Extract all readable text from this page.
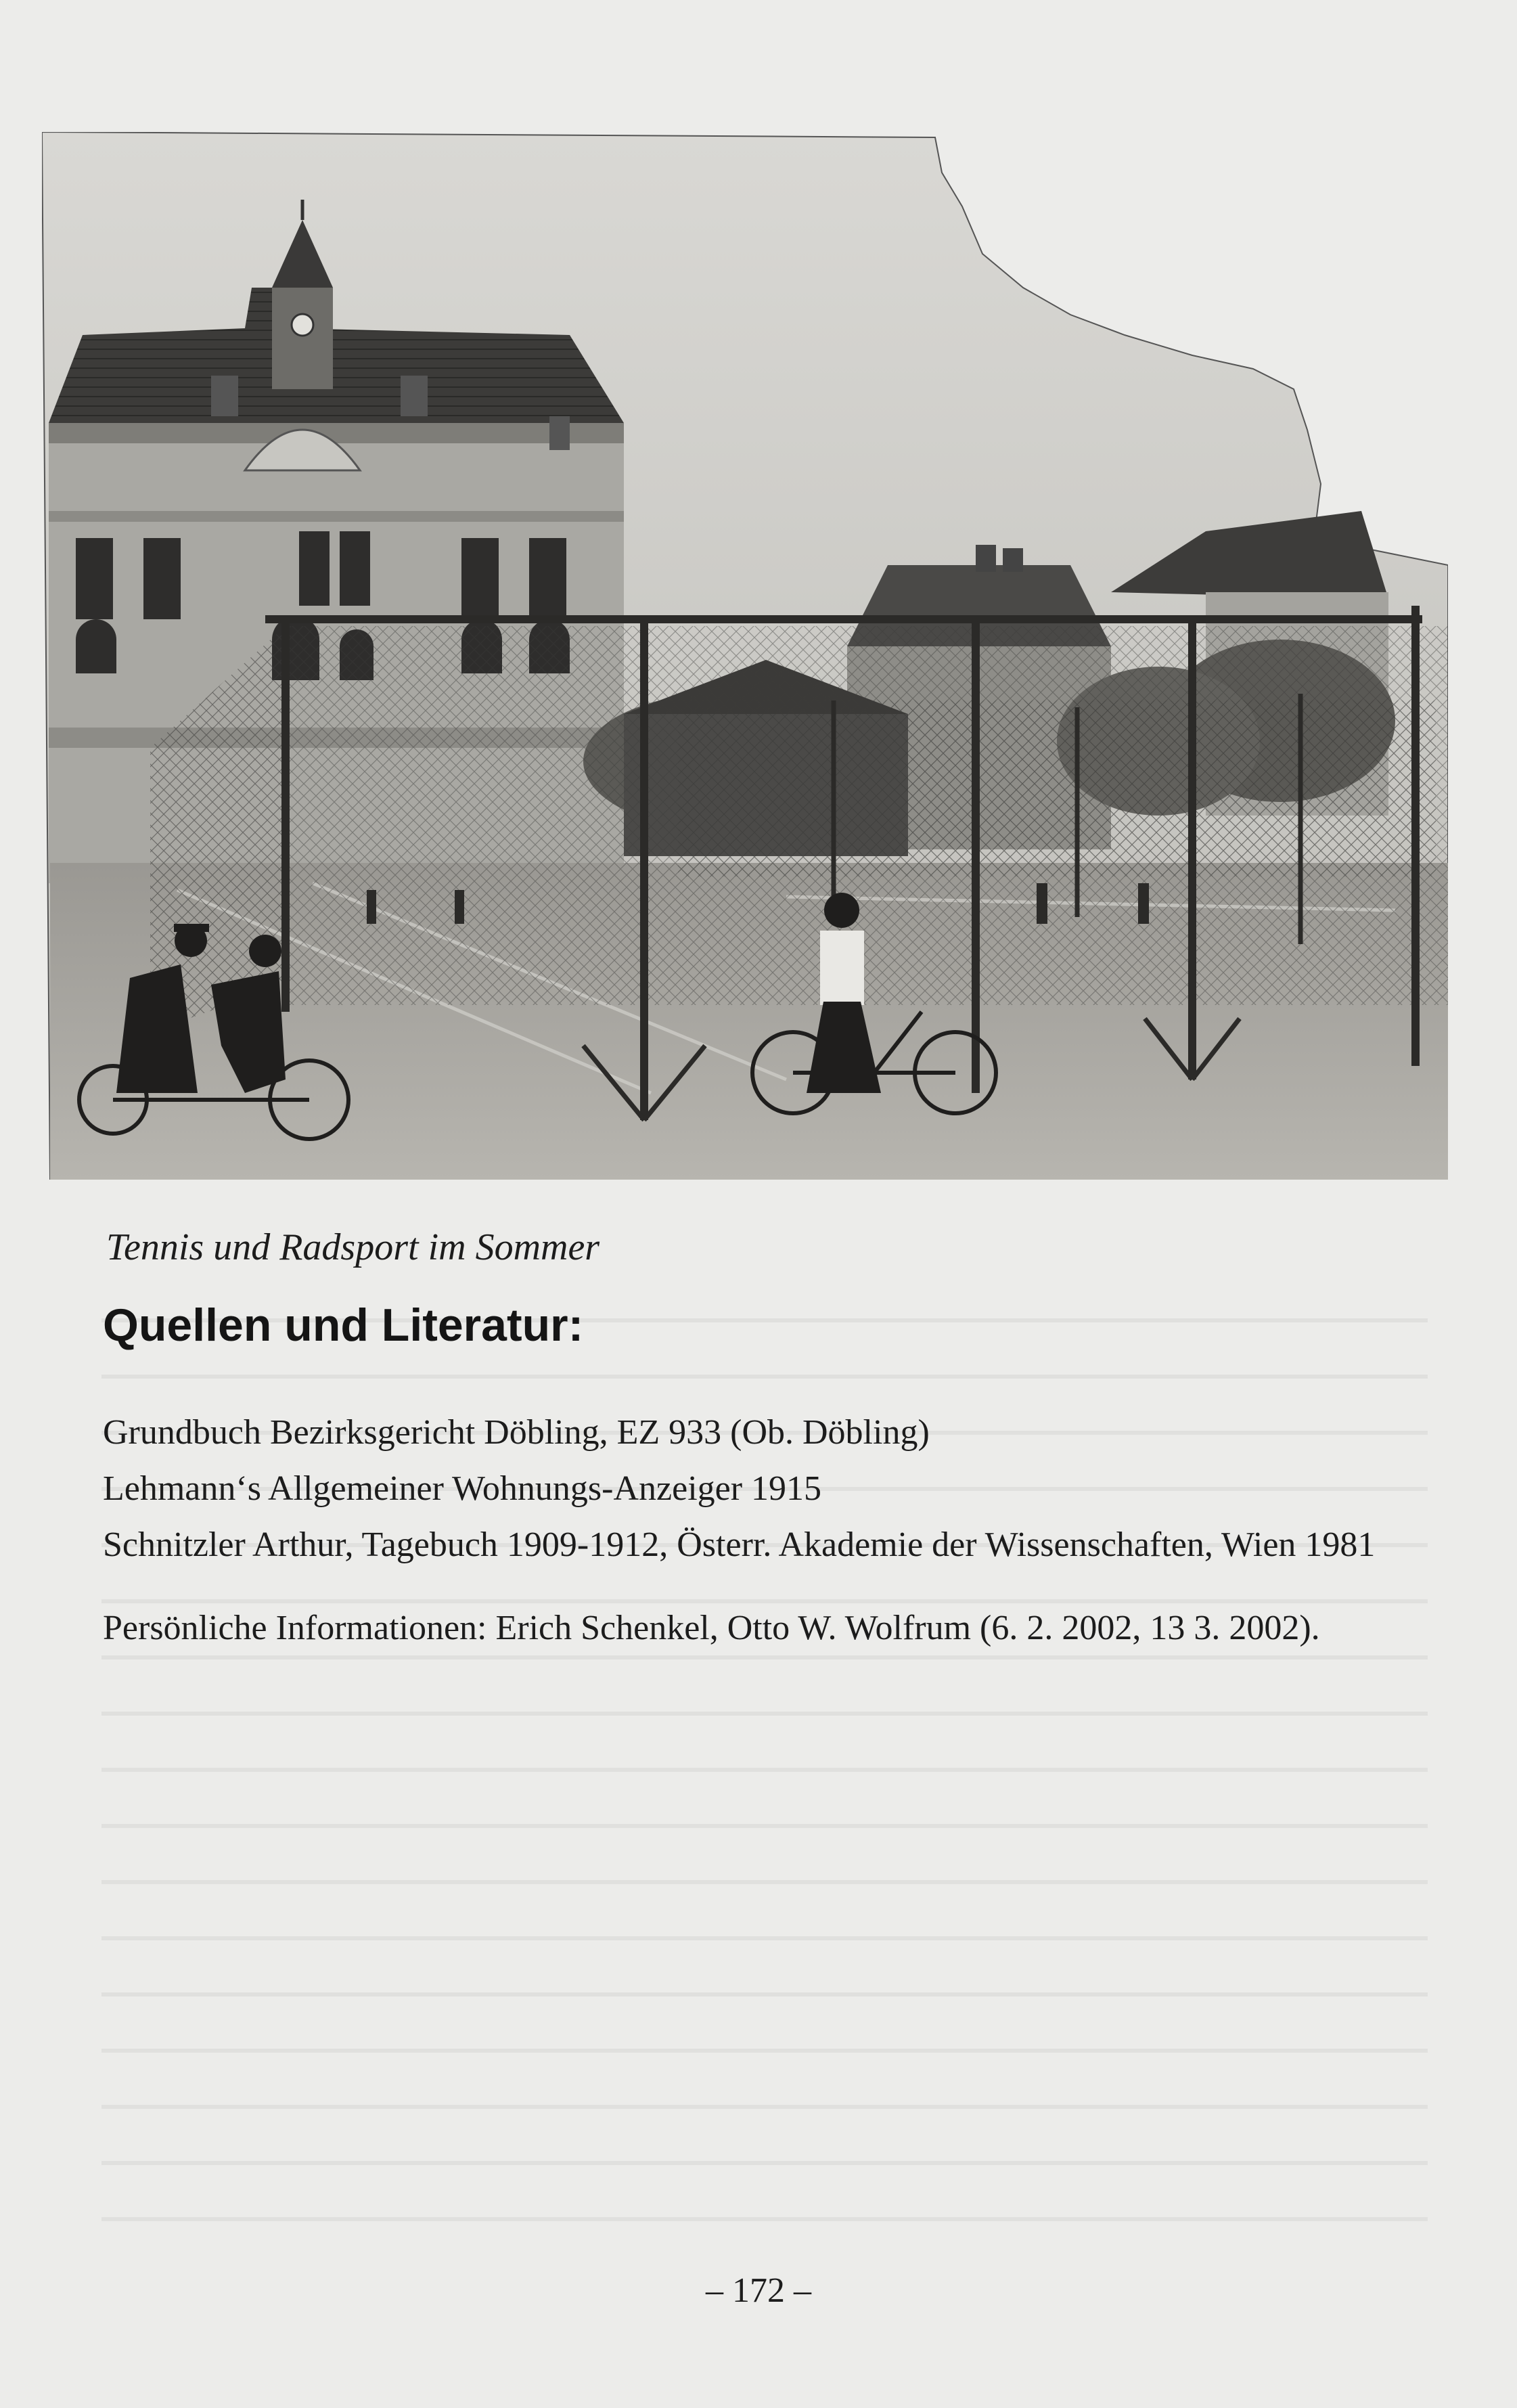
Tennis und Radsport im Sommer
Quellen und Literatur:
Grundbuch Bezirksgericht Döbling, EZ 933 (Ob. Döbling)
Lehmann‘s Allgemeiner Wohnungs-Anzeiger 1915
Schnitzler Arthur, Tagebuch 1909-1912, Österr. Akademie der Wissenschaften, Wien 1981
Persönliche Informationen: Erich Schenkel, Otto W. Wolfrum (6. 2. 2002, 13 3. 2002).
– 172 –
